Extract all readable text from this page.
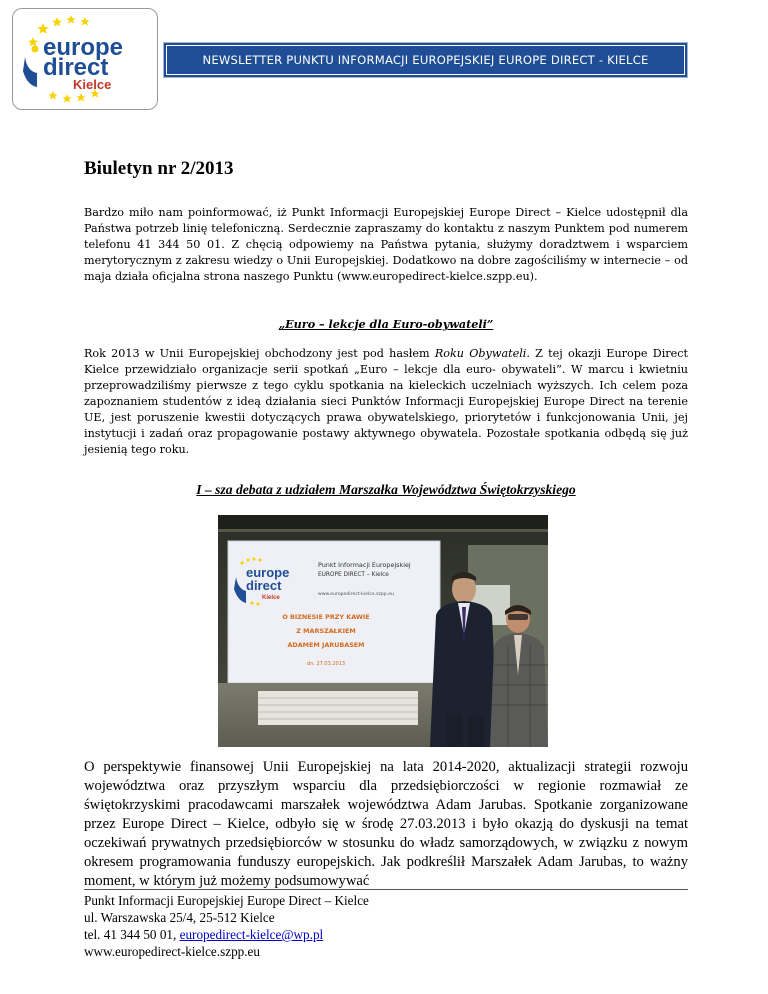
europe
direct
Kielce
NEWSLETTER PUNKTU INFORMACJI EUROPEJSKIEJ EUROPE DIRECT - KIELCE
Biuletyn nr 2/2013
Bardzo miło nam poinformować, iż Punkt Informacji Europejskiej Europe Direct – Kielce udostępnił dla Państwa potrzeb linię telefoniczną. Serdecznie zapraszamy do kontaktu z naszym Punktem pod numerem telefonu 41 344 50 01. Z chęcią odpowiemy na Państwa pytania, służymy doradztwem i wsparciem merytorycznym z zakresu wiedzy o Unii Europejskiej. Dodatkowo na dobre zagościliśmy w internecie – od maja działa oficjalna strona naszego Punktu (www.europedirect-kielce.szpp.eu).
„Euro – lekcje dla Euro-obywateli”
Rok 2013 w Unii Europejskiej obchodzony jest pod hasłem Roku Obywateli. Z tej okazji Europe Direct Kielce przewidziało organizacje serii spotkań „Euro – lekcje dla euro- obywateli”. W marcu i kwietniu przeprowadziliśmy pierwsze z tego cyklu spotkania na kieleckich uczelniach wyższych. Ich celem poza zapoznaniem studentów z ideą działania sieci Punktów Informacji Europejskiej Europe Direct na terenie UE, jest poruszenie kwestii dotyczących prawa obywatelskiego, priorytetów i funkcjonowania Unii, jej instytucji i zadań oraz propagowanie postawy aktywnego obywatela. Pozostałe spotkania odbędą się już jesienią tego roku.
I – sza debata z udziałem Marszałka Województwa Świętokrzyskiego
europe
direct
Kielce
Punkt Informacji Europejskiej
EUROPE DIRECT – Kielce
www.europedirect-kielce.szpp.eu
O BIZNESIE PRZY KAWIE
Z MARSZAŁKIEM
ADAMEM JARUBASEM
dn. 27.03.2013
O perspektywie finansowej Unii Europejskiej na lata 2014-2020, aktualizacji strategii rozwoju województwa oraz przyszłym wsparciu dla przedsiębiorczości w regionie rozmawiał ze świętokrzyskimi pracodawcami marszałek województwa Adam Jarubas. Spotkanie zorganizowane przez Europe Direct – Kielce, odbyło się w środę 27.03.2013 i było okazją do dyskusji na temat oczekiwań prywatnych przedsiębiorców w stosunku do władz samorządowych, w związku z nowym okresem programowania funduszy europejskich. Jak podkreślił Marszałek Adam Jarubas, to ważny moment, w którym już możemy podsumowywać
Punkt Informacji Europejskiej Europe Direct – Kielce
ul. Warszawska 25/4, 25-512 Kielce
tel. 41 344 50 01, europedirect-kielce@wp.pl
www.europedirect-kielce.szpp.eu
